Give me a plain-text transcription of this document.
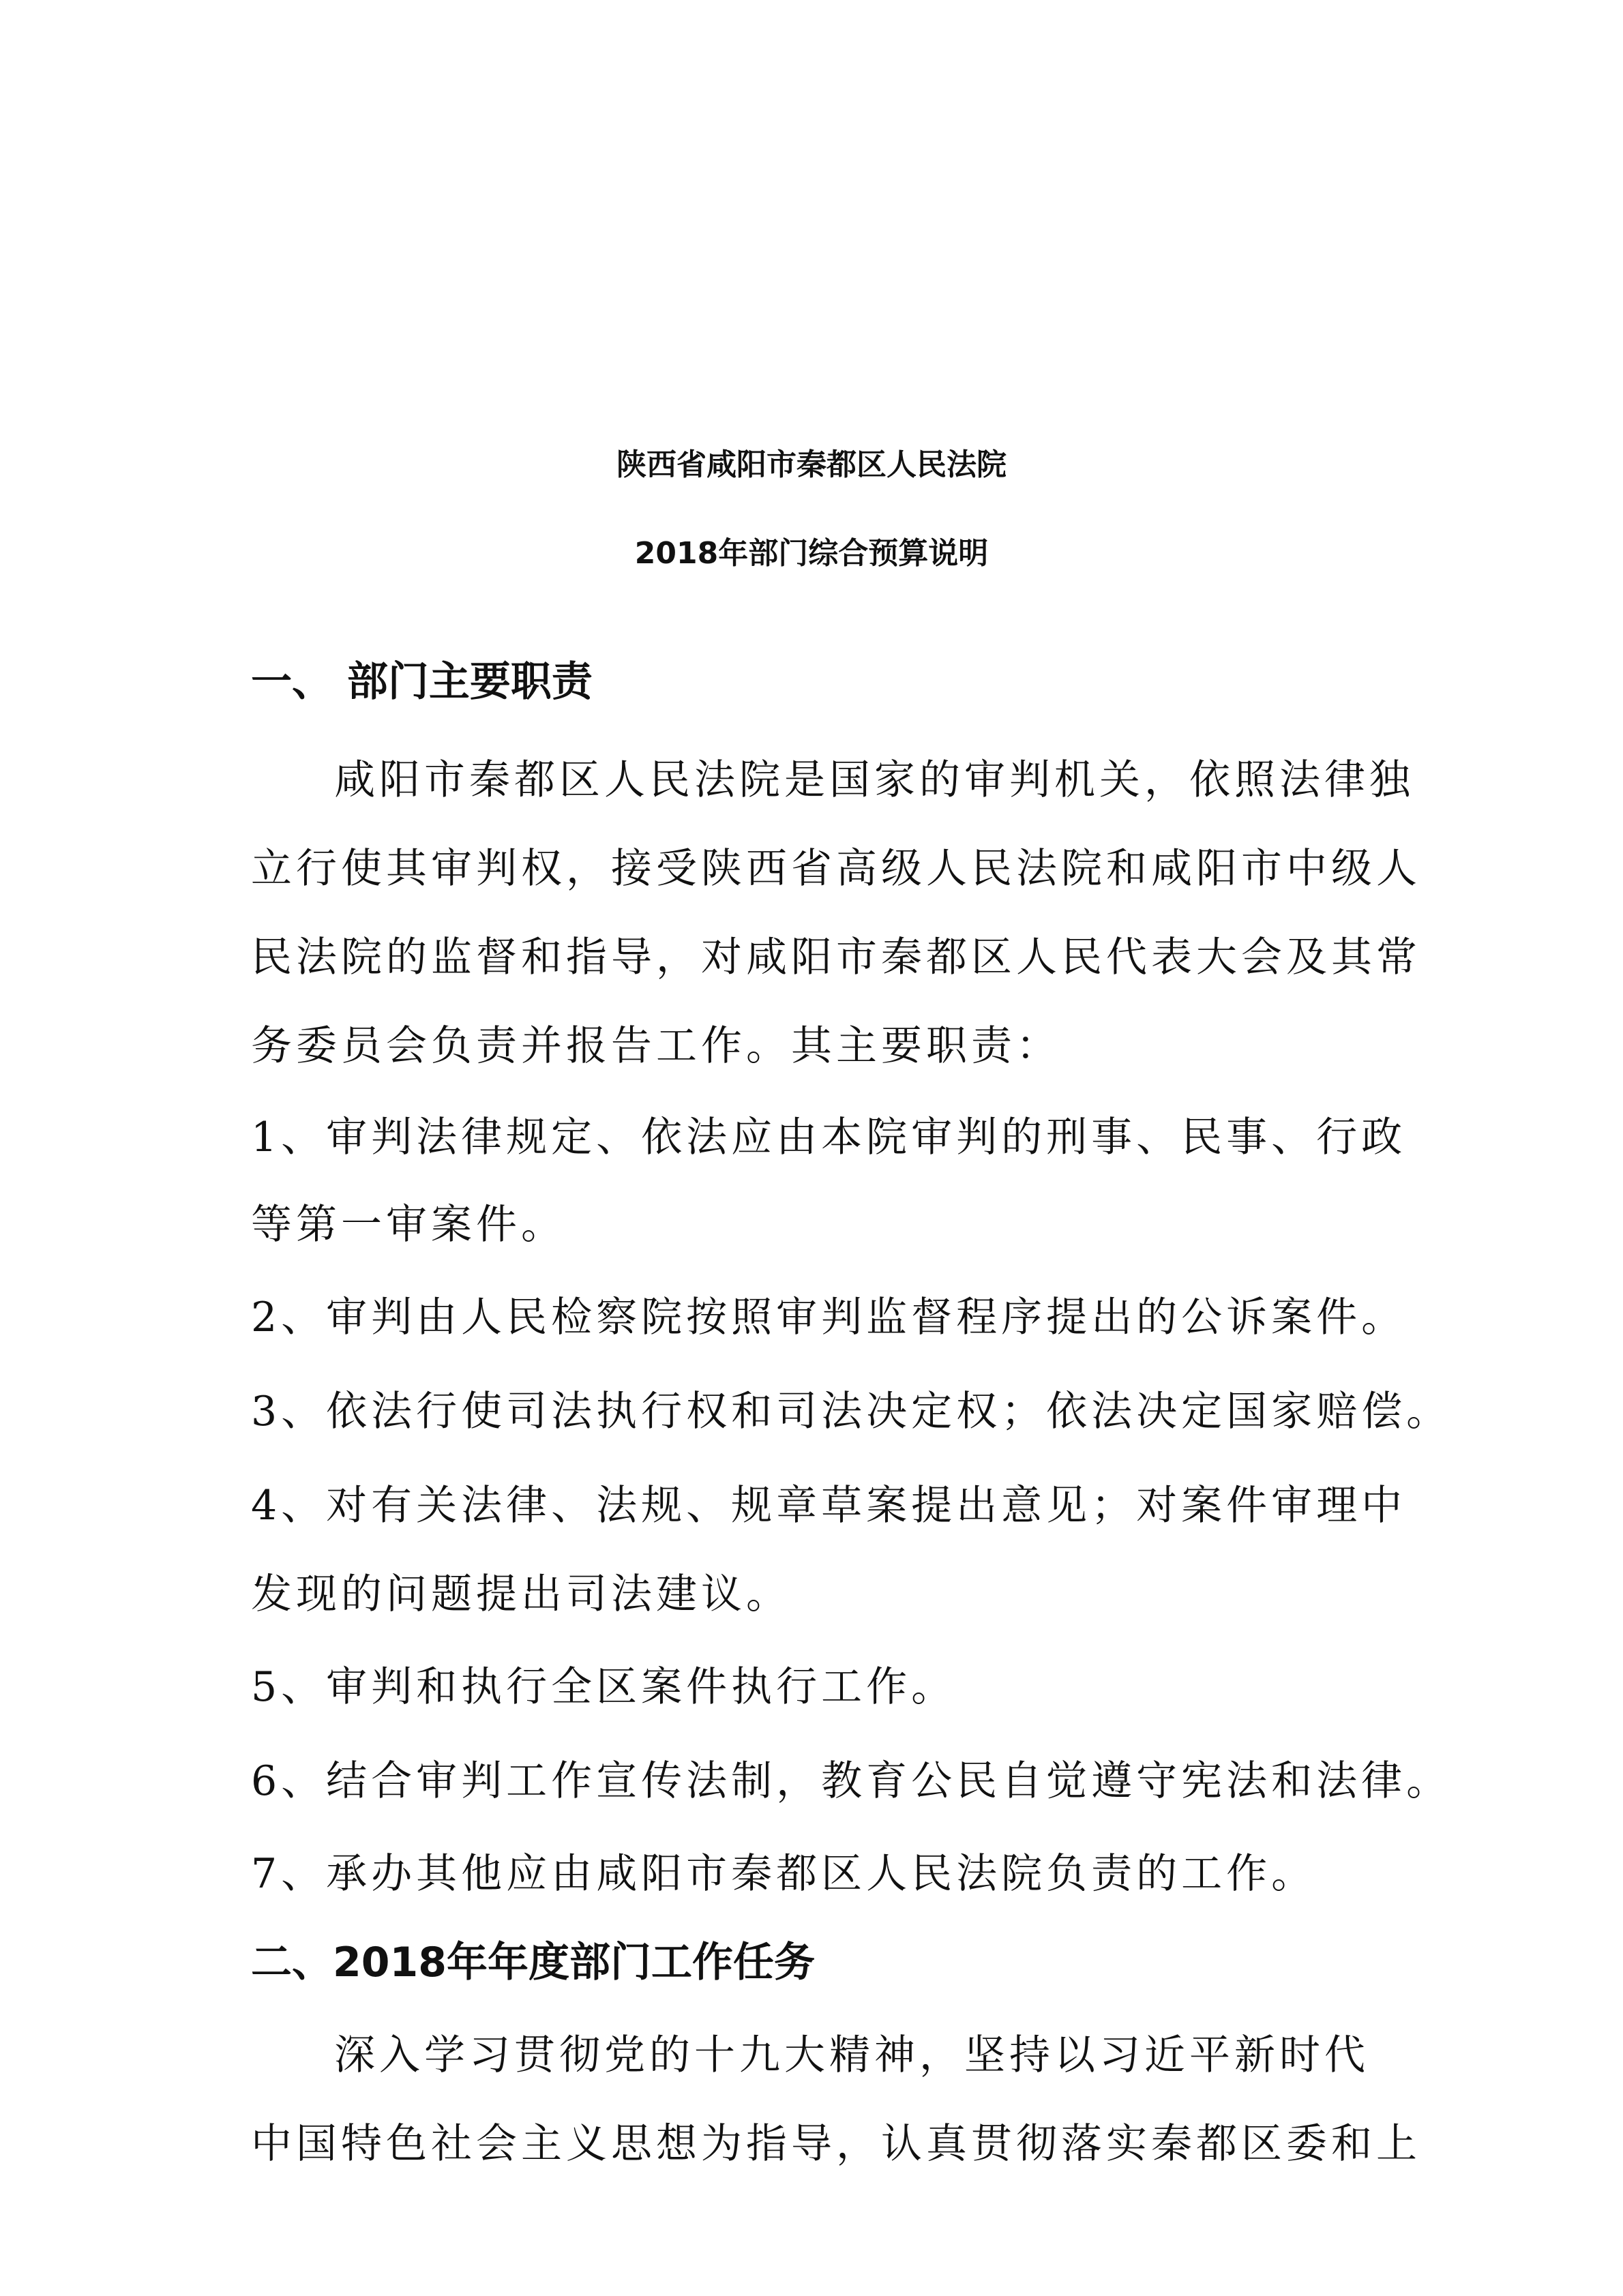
陕西省咸阳市秦都区人民法院
2018年部门综合预算说明
一、 部门主要职责

咸阳市秦都区人民法院是国家的审判机关，依照法律独

立行使其审判权，接受陕西省高级人民法院和咸阳市中级人

民法院的监督和指导，对咸阳市秦都区人民代表大会及其常

务委员会负责并报告工作。其主要职责：

1、审判法律规定、依法应由本院审判的刑事、民事、行政

等第一审案件。

2、审判由人民检察院按照审判监督程序提出的公诉案件。

3、依法行使司法执行权和司法决定权；依法决定国家赔偿。

4、对有关法律、法规、规章草案提出意见；对案件审理中

发现的问题提出司法建议。

5、审判和执行全区案件执行工作。

6、结合审判工作宣传法制，教育公民自觉遵守宪法和法律。

7、承办其他应由咸阳市秦都区人民法院负责的工作。

二、2018年年度部门工作任务

深入学习贯彻党的十九大精神，坚持以习近平新时代

中国特色社会主义思想为指导，认真贯彻落实秦都区委和上
